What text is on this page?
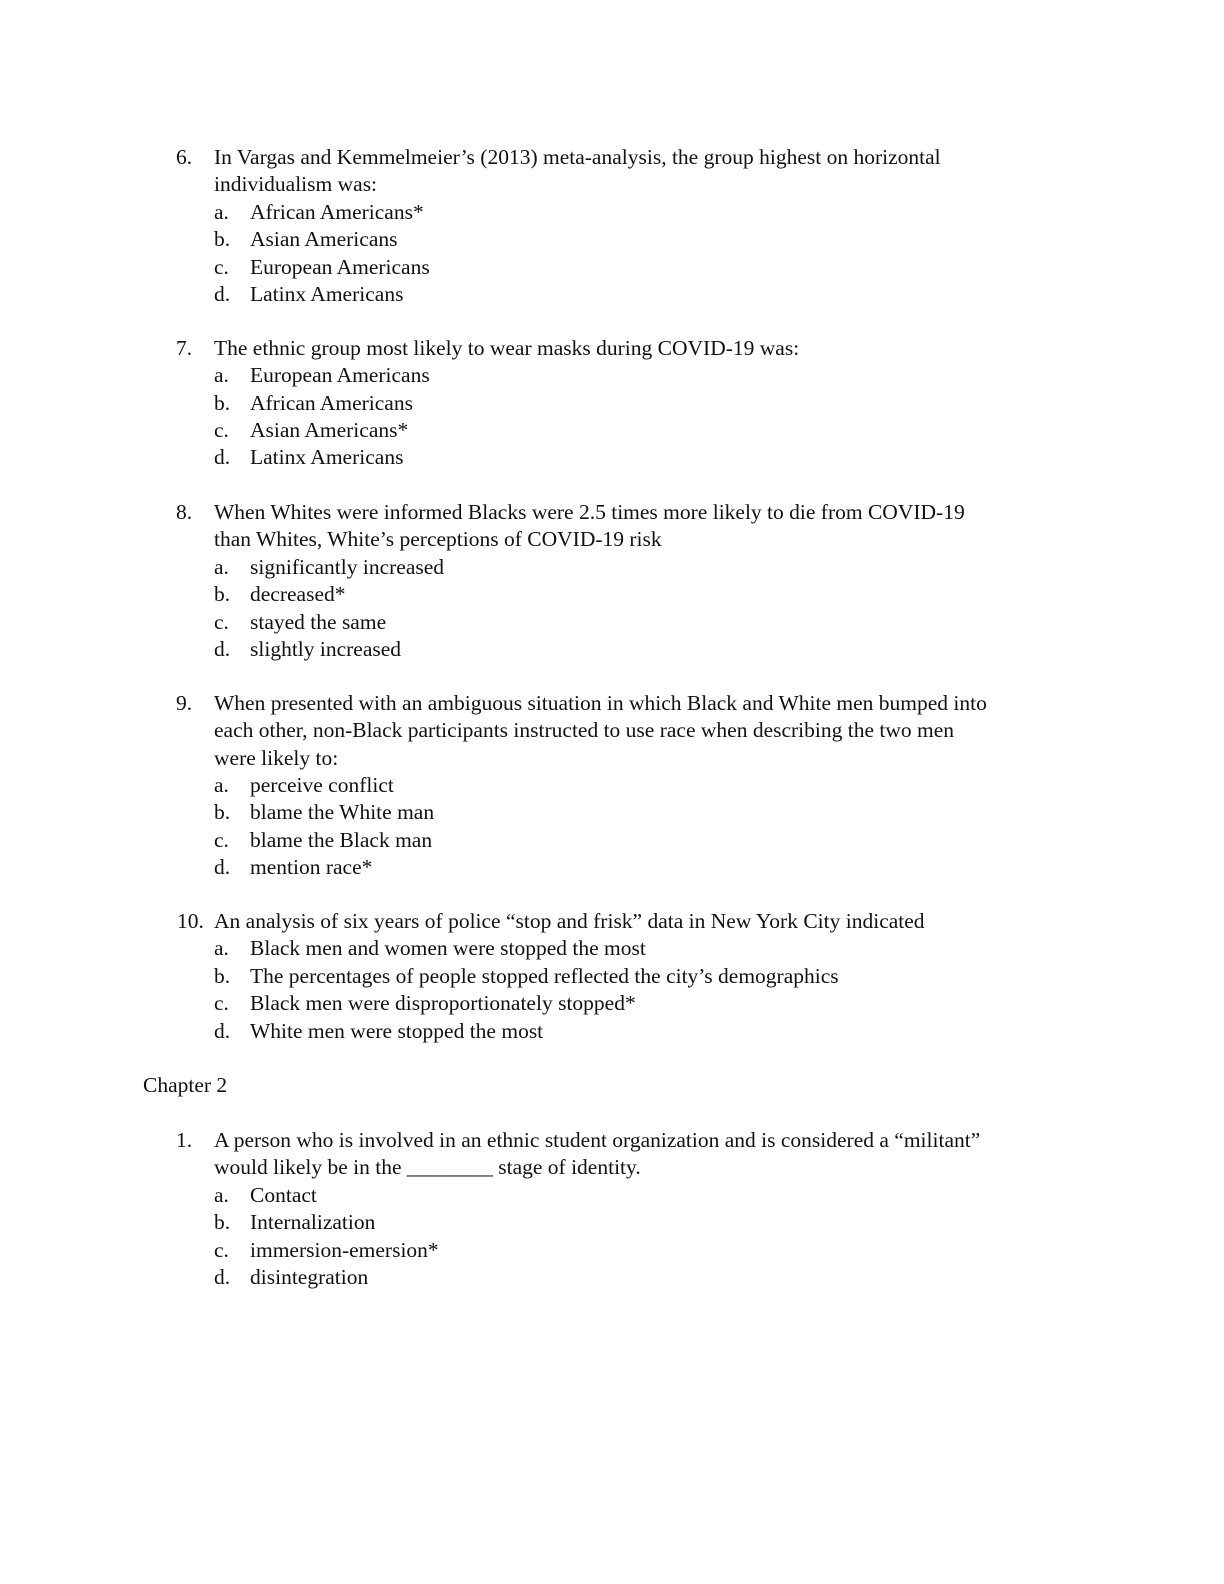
6.	In Vargas and Kemmelmeier’s (2013) meta-analysis, the group highest on horizontal
individualism was:
a. African Americans*
b. Asian Americans
c. European Americans
d. Latinx Americans
7.	The ethnic group most likely to wear masks during COVID-19 was:
a. European Americans
b. African Americans
c. Asian Americans*
d. Latinx Americans
8.	When Whites were informed Blacks were 2.5 times more likely to die from COVID-19
than Whites, White’s perceptions of COVID-19 risk
a. significantly increased
b. decreased*
c. stayed the same
d. slightly increased
9.	When presented with an ambiguous situation in which Black and White men bumped into
each other, non-Black participants instructed to use race when describing the two men
were likely to:
a. perceive conflict
b. blame the White man
c. blame the Black man
d. mention race*
10. An analysis of six years of police “stop and frisk” data in New York City indicated
a. Black men and women were stopped the most
b. The percentages of people stopped reflected the city’s demographics
c. Black men were disproportionately stopped*
d. White men were stopped the most
Chapter 2
1.	A person who is involved in an ethnic student organization and is considered a “militant”
would likely be in the ________ stage of identity.
a. Contact
b. Internalization
c. immersion-emersion*
d. disintegration
